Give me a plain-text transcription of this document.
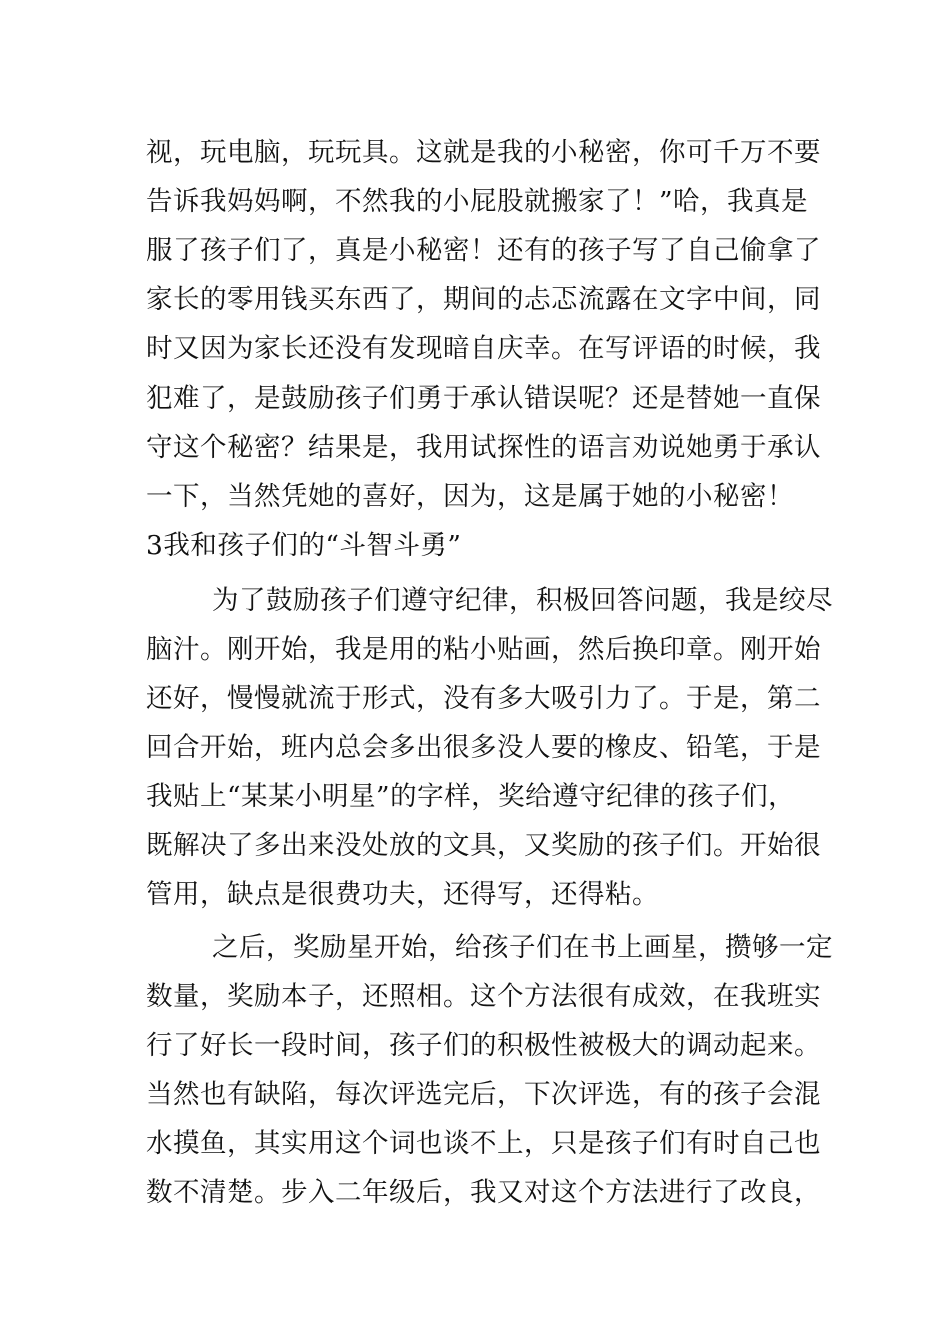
视，玩电脑，玩玩具。这就是我的小秘密，你可千万不要
告诉我妈妈啊，不然我的小屁股就搬家了！”哈，我真是
服了孩子们了，真是小秘密！还有的孩子写了自己偷拿了
家长的零用钱买东西了，期间的忐忑流露在文字中间，同
时又因为家长还没有发现暗自庆幸。在写评语的时候，我
犯难了，是鼓励孩子们勇于承认错误呢？还是替她一直保
守这个秘密？结果是，我用试探性的语言劝说她勇于承认
一下，当然凭她的喜好，因为，这是属于她的小秘密！
3我和孩子们的“斗智斗勇”
为了鼓励孩子们遵守纪律，积极回答问题，我是绞尽
脑汁。刚开始，我是用的粘小贴画，然后换印章。刚开始
还好，慢慢就流于形式，没有多大吸引力了。于是，第二
回合开始，班内总会多出很多没人要的橡皮、铅笔，于是
我贴上“某某小明星”的字样，奖给遵守纪律的孩子们，
既解决了多出来没处放的文具，又奖励的孩子们。开始很
管用，缺点是很费功夫，还得写，还得粘。
之后，奖励星开始，给孩子们在书上画星，攒够一定
数量，奖励本子，还照相。这个方法很有成效，在我班实
行了好长一段时间，孩子们的积极性被极大的调动起来。
当然也有缺陷，每次评选完后，下次评选，有的孩子会混
水摸鱼，其实用这个词也谈不上，只是孩子们有时自己也
数不清楚。步入二年级后，我又对这个方法进行了改良，
